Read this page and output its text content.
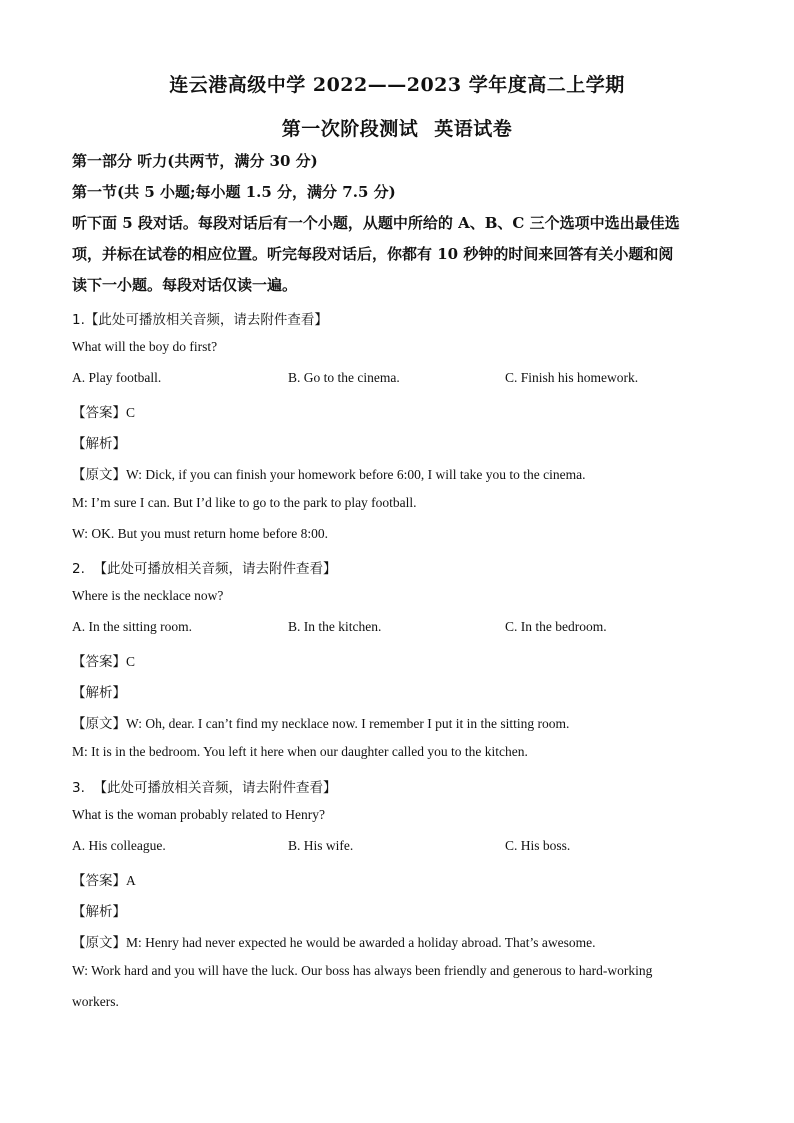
连云港高级中学 2022——2023 学年度高二上学期
第一次阶段测试 英语试卷
第一部分 听力(共两节，满分 30 分)
第一节(共 5 小题;每小题 1.5 分，满分 7.5 分)
听下面 5 段对话。每段对话后有一个小题，从题中所给的 A、B、C 三个选项中选出最佳选
项，并标在试卷的相应位置。听完每段对话后，你都有 10 秒钟的时间来回答有关小题和阅
读下一小题。每段对话仅读一遍。
1.【此处可播放相关音频，请去附件查看】
What will the boy do first?
A. Play football.	B. Go to the cinema.	C. Finish his homework.
【答案】C
【解析】
【原文】W: Dick, if you can finish your homework before 6:00, I will take you to the cinema.
M: I’m sure I can. But I’d like to go to the park to play football.
W: OK. But you must return home before 8:00.
2. 【此处可播放相关音频，请去附件查看】
Where is the necklace now?
A. In the sitting room.	B. In the kitchen.	C. In the bedroom.
【答案】C
【解析】
【原文】W: Oh, dear. I can’t find my necklace now. I remember I put it in the sitting room.
M: It is in the bedroom. You left it here when our daughter called you to the kitchen.
3. 【此处可播放相关音频，请去附件查看】
What is the woman probably related to Henry?
A. His colleague.	B. His wife.	C. His boss.
【答案】A
【解析】
【原文】M: Henry had never expected he would be awarded a holiday abroad. That’s awesome.
W: Work hard and you will have the luck. Our boss has always been friendly and generous to hard-working
workers.
